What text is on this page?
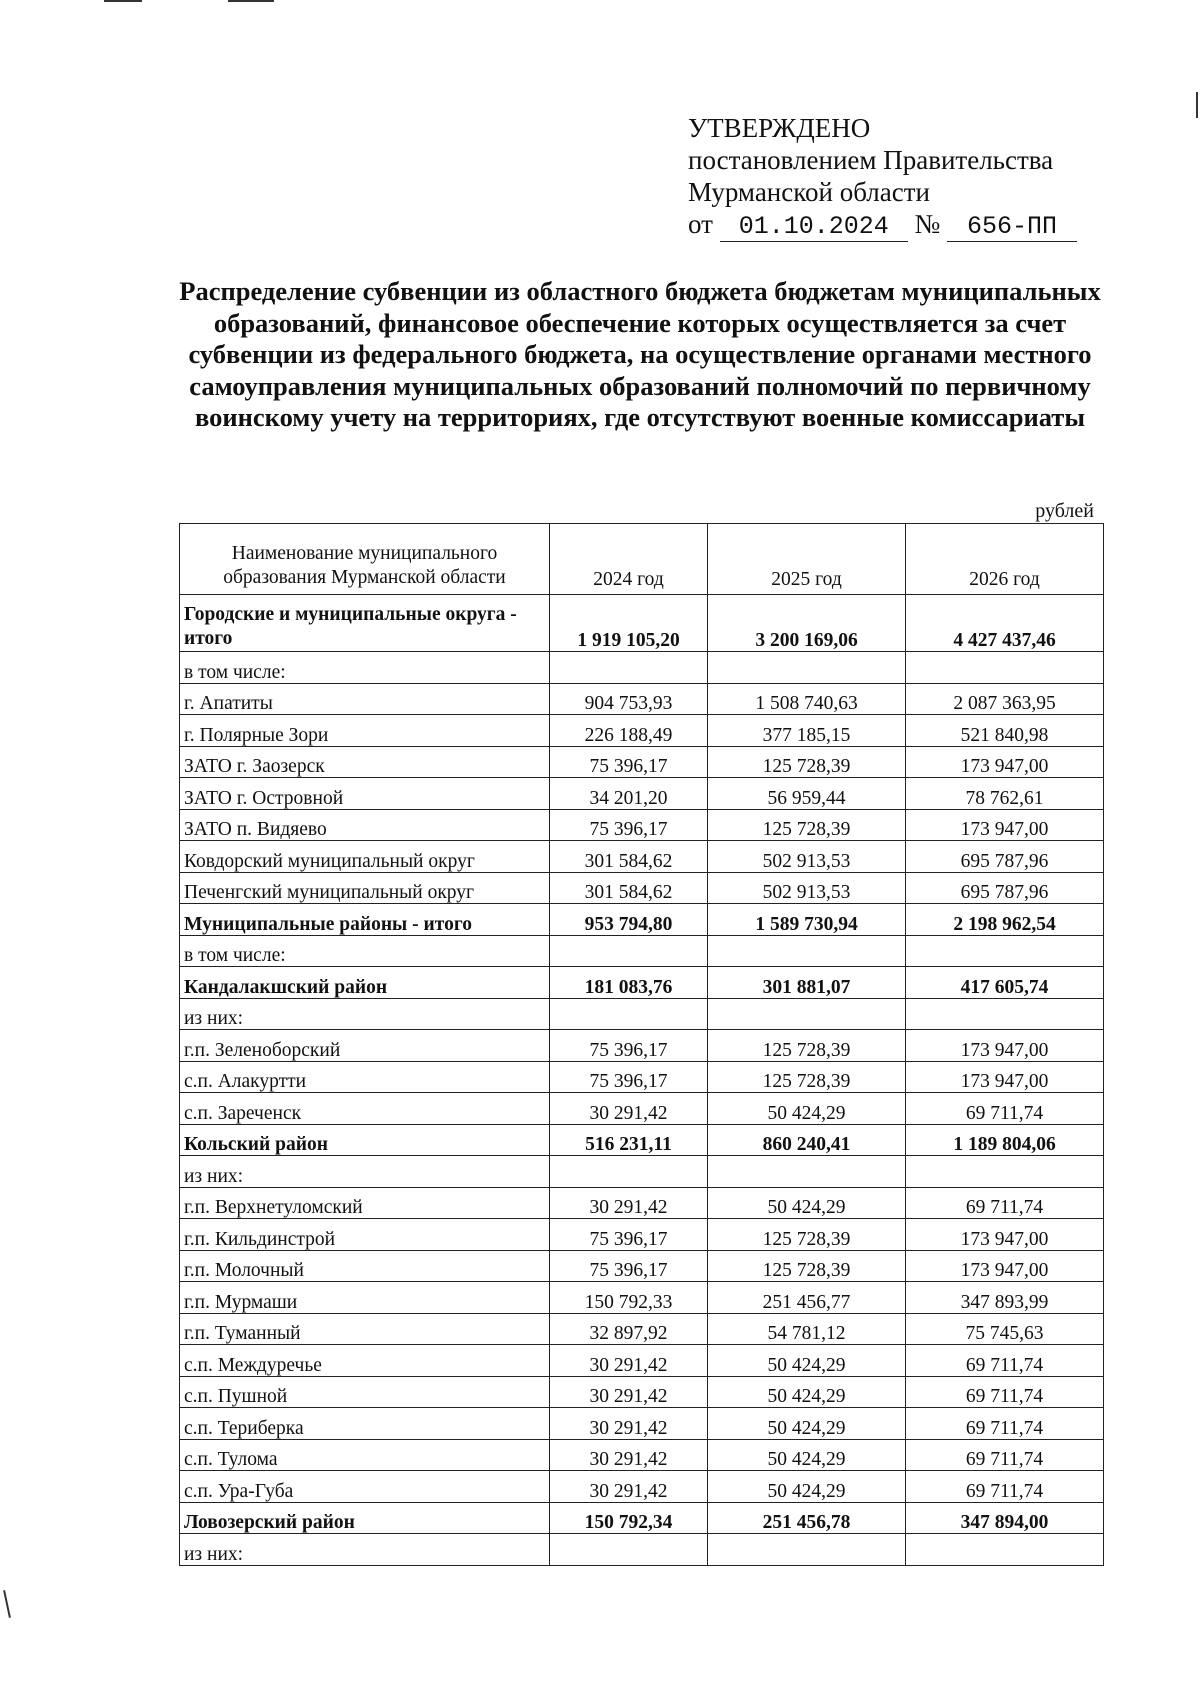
УТВЕРЖДЕНО
постановлением Правительства
Мурманской области
от 01.10.2024 № 656-ПП
Распределение субвенции из областного бюджета бюджетам муниципальных образований, финансовое обеспечение которых осуществляется за счет субвенции из федерального бюджета, на осуществление органами местного самоуправления муниципальных образований полномочий по первичному воинскому учету на территориях, где отсутствуют военные комиссариаты
рублей
Наименование муниципального образования Мурманской области	2024 год	2025 год	2026 год
Городские и муниципальные округа - итого	1 919 105,20	3 200 169,06	4 427 437,46
в том числе:			
г. Апатиты	904 753,93	1 508 740,63	2 087 363,95
г. Полярные Зори	226 188,49	377 185,15	521 840,98
ЗАТО г. Заозерск	75 396,17	125 728,39	173 947,00
ЗАТО г. Островной	34 201,20	56 959,44	78 762,61
ЗАТО п. Видяево	75 396,17	125 728,39	173 947,00
Ковдорский муниципальный округ	301 584,62	502 913,53	695 787,96
Печенгский муниципальный округ	301 584,62	502 913,53	695 787,96
Муниципальные районы - итого	953 794,80	1 589 730,94	2 198 962,54
в том числе:			
Кандалакшский район	181 083,76	301 881,07	417 605,74
из них:			
г.п. Зеленоборский	75 396,17	125 728,39	173 947,00
с.п. Алакуртти	75 396,17	125 728,39	173 947,00
с.п. Зареченск	30 291,42	50 424,29	69 711,74
Кольский район	516 231,11	860 240,41	1 189 804,06
из них:			
г.п. Верхнетуломский	30 291,42	50 424,29	69 711,74
г.п. Кильдинстрой	75 396,17	125 728,39	173 947,00
г.п. Молочный	75 396,17	125 728,39	173 947,00
г.п. Мурмаши	150 792,33	251 456,77	347 893,99
г.п. Туманный	32 897,92	54 781,12	75 745,63
с.п. Междуречье	30 291,42	50 424,29	69 711,74
с.п. Пушной	30 291,42	50 424,29	69 711,74
с.п. Териберка	30 291,42	50 424,29	69 711,74
с.п. Тулома	30 291,42	50 424,29	69 711,74
с.п. Ура-Губа	30 291,42	50 424,29	69 711,74
Ловозерский район	150 792,34	251 456,78	347 894,00
из них:			
